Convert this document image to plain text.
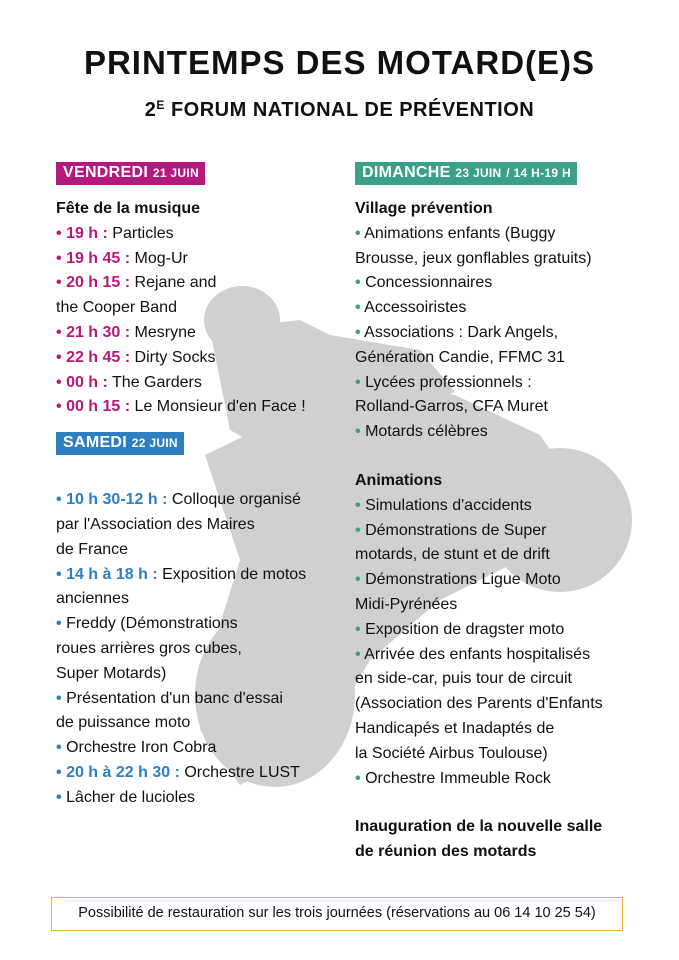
PRINTEMPS DES MOTARD(E)S
$2^E$ FORUM NATIONAL DE PRÉVENTION
VENDREDI 21 JUIN
Fête de la musique
• 19 h : Particles
• 19 h 45 : Mog-Ur
• 20 h 15 : Rejane and
the Cooper Band
• 21 h 30 : Mesryne
• 22 h 45 : Dirty Socks
• 00 h : The Garders
• 00 h 15 : Le Monsieur d'en Face !
SAMEDI 22 JUIN
• 10 h 30-12 h : Colloque organisé
par l'Association des Maires
de France
• 14 h à 18 h : Exposition de motos
anciennes
• Freddy (Démonstrations
roues arrières gros cubes,
Super Motards)
• Présentation d'un banc d'essai
de puissance moto
• Orchestre Iron Cobra
• 20 h à 22 h 30 : Orchestre LUST
• Lâcher de lucioles
DIMANCHE 23 JUIN / 14 H-19 H
Village prévention
• Animations enfants (Buggy
Brousse, jeux gonflables gratuits)
• Concessionnaires
• Accessoiristes
• Associations : Dark Angels,
Génération Candie, FFMC 31
• Lycées professionnels :
Rolland-Garros, CFA Muret
• Motards célèbres
Animations
• Simulations d'accidents
• Démonstrations de Super
motards, de stunt et de drift
• Démonstrations Ligue Moto
Midi-Pyrénées
• Exposition de dragster moto
• Arrivée des enfants hospitalisés
en side-car, puis tour de circuit
(Association des Parents d'Enfants
Handicapés et Inadaptés de
la Société Airbus Toulouse)
• Orchestre Immeuble Rock
Inauguration de la nouvelle salle
de réunion des motards
Possibilité de restauration sur les trois journées (réservations au 06 14 10 25 54)
